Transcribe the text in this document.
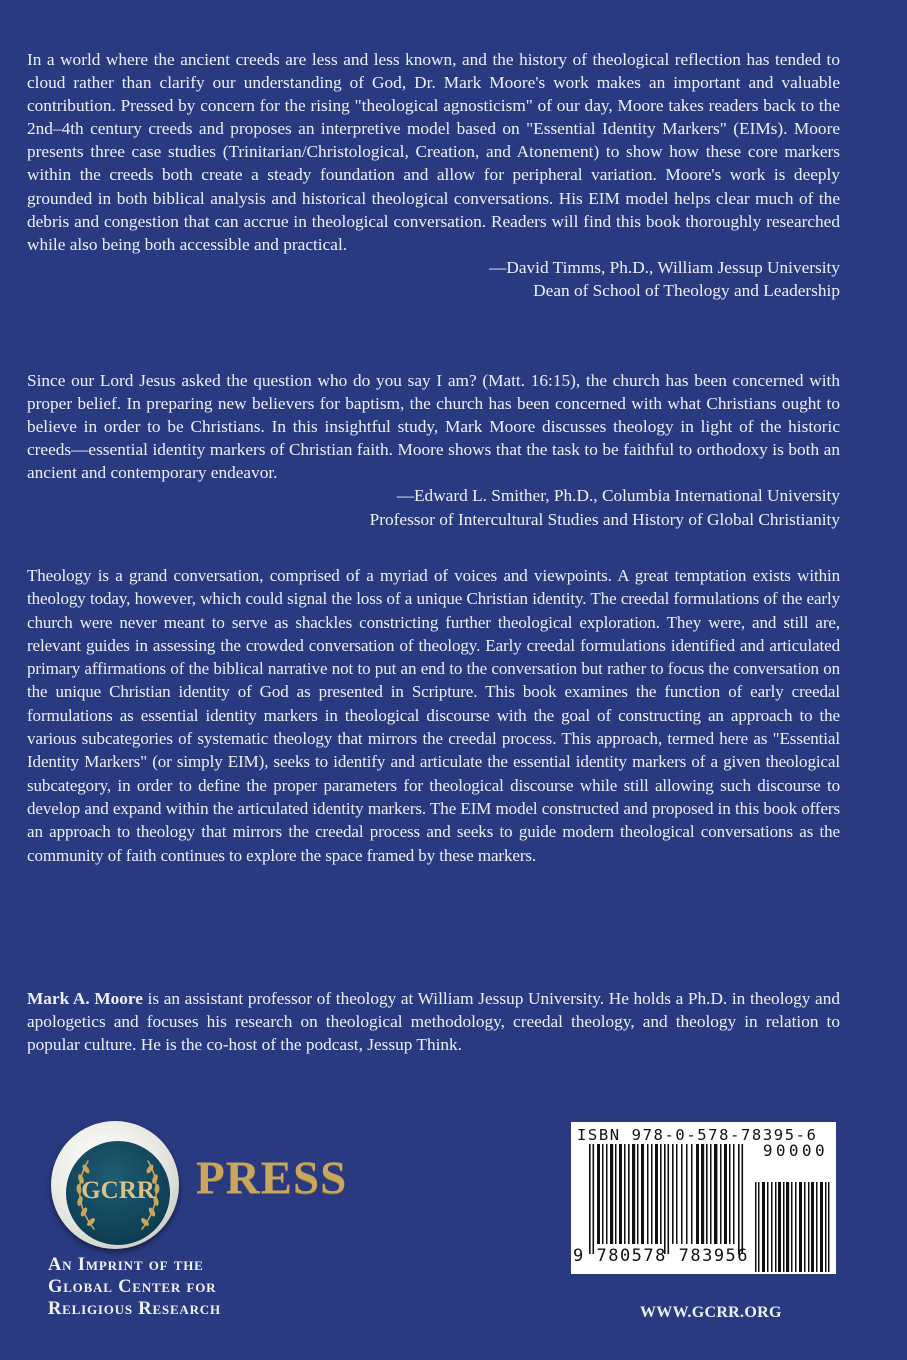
In a world where the ancient creeds are less and less known, and the history of theological reflection has tended to cloud rather than clarify our understanding of God, Dr. Mark Moore's work makes an important and valuable contribution. Pressed by concern for the rising "theological agnosticism" of our day, Moore takes readers back to the 2nd–4th century creeds and proposes an interpretive model based on "Essential Identity Markers" (EIMs). Moore presents three case studies (Trinitarian/Christological, Creation, and Atonement) to show how these core markers within the creeds both create a steady foundation and allow for peripheral variation. Moore's work is deeply grounded in both biblical analysis and historical theological conversations. His EIM model helps clear much of the debris and congestion that can accrue in theological conversation. Readers will find this book thoroughly researched while also being both accessible and practical.

—David Timms, Ph.D., William Jessup University
Dean of School of Theology and Leadership

Since our Lord Jesus asked the question who do you say I am? (Matt. 16:15), the church has been concerned with proper belief. In preparing new believers for baptism, the church has been concerned with what Christians ought to believe in order to be Christians. In this insightful study, Mark Moore discusses theology in light of the historic creeds—essential identity markers of Christian faith. Moore shows that the task to be faithful to orthodoxy is both an ancient and contemporary endeavor.

—Edward L. Smither, Ph.D., Columbia International University
Professor of Intercultural Studies and History of Global Christianity

Theology is a grand conversation, comprised of a myriad of voices and viewpoints. A great temptation exists within theology today, however, which could signal the loss of a unique Christian identity. The creedal formulations of the early church were never meant to serve as shackles constricting further theological exploration. They were, and still are, relevant guides in assessing the crowded conversation of theology. Early creedal formulations identified and articulated primary affirmations of the biblical narrative not to put an end to the conversation but rather to focus the conversation on the unique Christian identity of God as presented in Scripture. This book examines the function of early creedal formulations as essential identity markers in theological discourse with the goal of constructing an approach to the various subcategories of systematic theology that mirrors the creedal process. This approach, termed here as "Essential Identity Markers" (or simply EIM), seeks to identify and articulate the essential identity markers of a given theological subcategory, in order to define the proper parameters for theological discourse while still allowing such discourse to develop and expand within the articulated identity markers. The EIM model constructed and proposed in this book offers an approach to theology that mirrors the creedal process and seeks to guide modern theological conversations as the community of faith continues to explore the space framed by these markers.

Mark A. Moore is an assistant professor of theology at William Jessup University. He holds a Ph.D. in theology and apologetics and focuses his research on theological methodology, creedal theology, and theology in relation to popular culture. He is the co-host of the podcast, Jessup Think.

GCRR PRESS
An Imprint of the
Global Center for
Religious Research
ISBN 978-0-578-78395-6
90000
9 780578 783956
WWW.GCRR.ORG
